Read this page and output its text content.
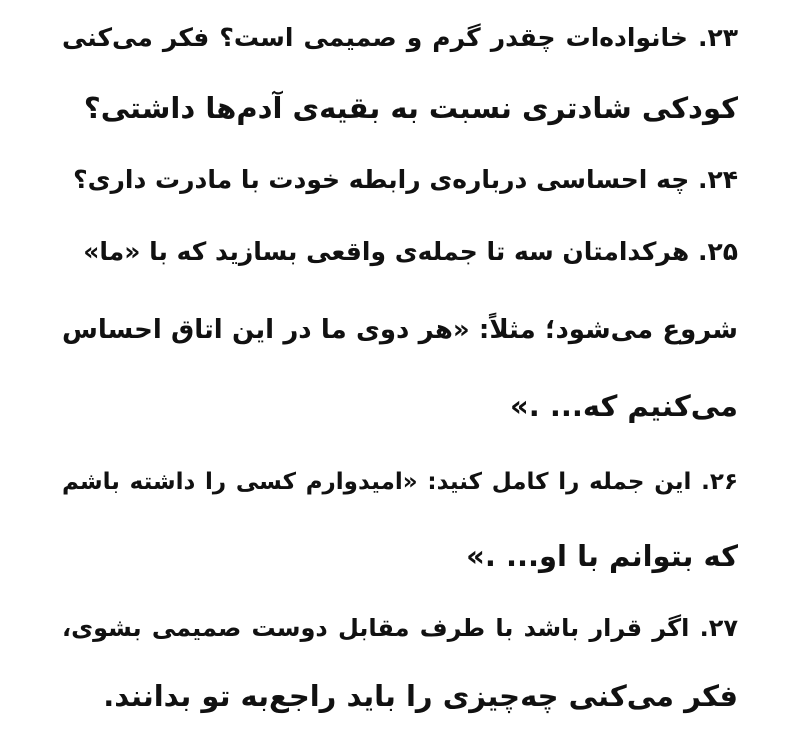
۲۳. خانواده‌ات چقدر گرم و صمیمی است؟ فکر می‌کنی
کودکی شادتری نسبت به بقیه‌ی آدم‌ها داشتی؟
۲۴. چه احساسی درباره‌ی رابطه خودت با مادرت داری؟
۲۵. هرکدامتان سه تا جمله‌ی واقعی بسازید که با «ما»
شروع می‌شود؛ مثلاً: «هر دوی ما در این اتاق احساس
می‌کنیم که... .»
۲۶. این جمله را کامل کنید: «امیدوارم کسی را داشته باشم
که بتوانم با او... .»
۲۷. اگر قرار باشد با طرف مقابل دوست صمیمی بشوی،
فکر می‌کنی چه‌چیزی را باید راجع‌به تو بدانند.
